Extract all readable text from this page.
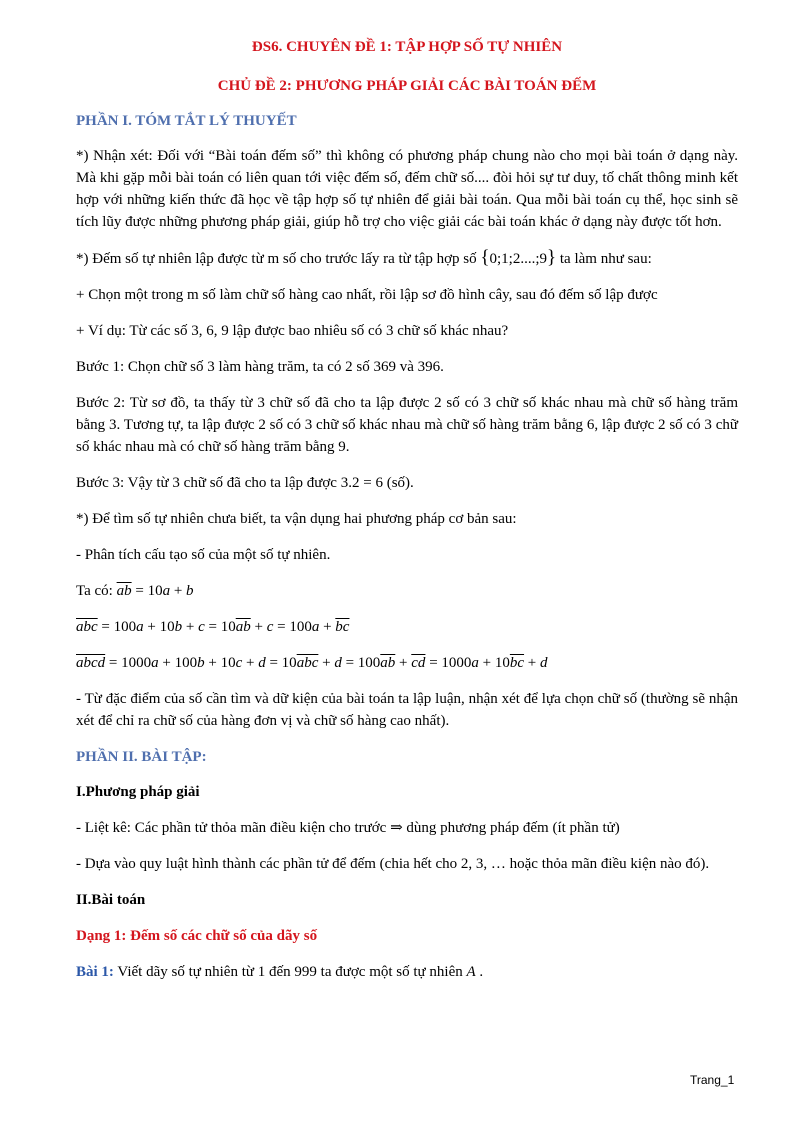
ĐS6. CHUYÊN ĐỀ 1: TẬP HỢP SỐ TỰ NHIÊN

CHỦ ĐỀ 2: PHƯƠNG PHÁP GIẢI CÁC BÀI TOÁN ĐẾM

PHẦN I. TÓM TẮT LÝ THUYẾT

*) Nhận xét: Đối với “Bài toán đếm số” thì không có phương pháp chung nào cho mọi bài toán ở dạng này. Mà khi gặp mỗi bài toán có liên quan tới việc đếm số, đếm chữ số.... đòi hỏi sự tư duy, tố chất thông minh kết hợp với những kiến thức đã học về tập hợp số tự nhiên để giải bài toán. Qua mỗi bài toán cụ thể, học sinh sẽ tích lũy được những phương pháp giải, giúp hỗ trợ cho việc giải các bài toán khác ở dạng này được tốt hơn.

*) Đếm số tự nhiên lập được từ m số cho trước lấy ra từ tập hợp số {0;1;2....;9} ta làm như sau:

+ Chọn một trong m số làm chữ số hàng cao nhất, rồi lập sơ đồ hình cây, sau đó đếm số lập được

+ Ví dụ: Từ các số 3, 6, 9 lập được bao nhiêu số có 3 chữ số khác nhau?

Bước 1: Chọn chữ số 3 làm hàng trăm, ta có 2 số 369 và 396.

Bước 2: Từ sơ đồ, ta thấy từ 3 chữ số đã cho ta lập được 2 số có 3 chữ số khác nhau mà chữ số hàng trăm bằng 3. Tương tự, ta lập được 2 số có 3 chữ số khác nhau mà chữ số hàng trăm bằng 6, lập được 2 số có 3 chữ số khác nhau mà có chữ số hàng trăm bằng 9.

Bước 3: Vậy từ 3 chữ số đã cho ta lập được 3.2 = 6 (số).

*) Để tìm số tự nhiên chưa biết, ta vận dụng hai phương pháp cơ bản sau:

- Phân tích cấu tạo số của một số tự nhiên.

Ta có: $\overline{ab} = 10a + b$

$\overline{abc} = 100a + 10b + c = 10\overline{ab} + c = 100a + \overline{bc}$

abcd = $1000a + 100b + 10c + d = 10\overline{abc} + d = 100\overline{ab} + \overline{cd} = 1000a + 10\overline{bc} + d$

- Từ đặc điểm của số cần tìm và dữ kiện của bài toán ta lập luận, nhận xét để lựa chọn chữ số (thường sẽ nhận xét để chỉ ra chữ số của hàng đơn vị và chữ số hàng cao nhất).

PHẦN II. BÀI TẬP:

I.Phương pháp giải

- Liệt kê: Các phần tử thỏa mãn điều kiện cho trước ⇒ dùng phương pháp đếm (ít phần tử)

- Dựa vào quy luật hình thành các phần tử để đếm (chia hết cho 2, 3, … hoặc thỏa mãn điều kiện nào đó).

II.Bài toán

Dạng 1: Đếm số các chữ số của dãy số

Bài 1: Viết dãy số tự nhiên từ 1 đến 999 ta được một số tự nhiên A .

Trang_1
